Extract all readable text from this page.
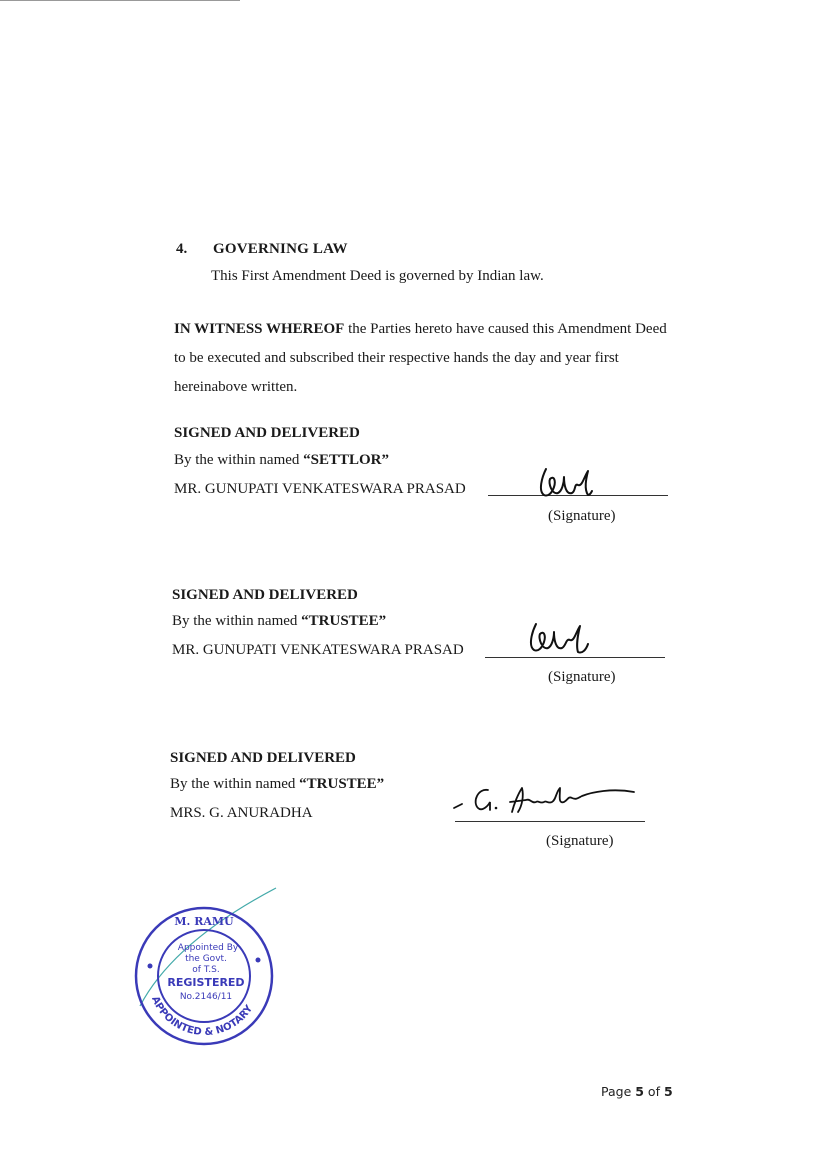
4. GOVERNING LAW
This First Amendment Deed is governed by Indian law.
IN WITNESS WHEREOF the Parties hereto have caused this Amendment Deed to be executed and subscribed their respective hands the day and year first hereinabove written.
SIGNED AND DELIVERED
By the within named “SETTLOR”
MR. GUNUPATI VENKATESWARA PRASAD
(Signature)
SIGNED AND DELIVERED
By the within named “TRUSTEE”
MR. GUNUPATI VENKATESWARA PRASAD
(Signature)
SIGNED AND DELIVERED
By the within named “TRUSTEE”
MRS. G. ANURADHA
(Signature)
M. RAMU
Appointed By
the Govt.
of T.S.
REGISTERED
No.2146/11
APPOINTED & NOTARY
Page 5 of 5
